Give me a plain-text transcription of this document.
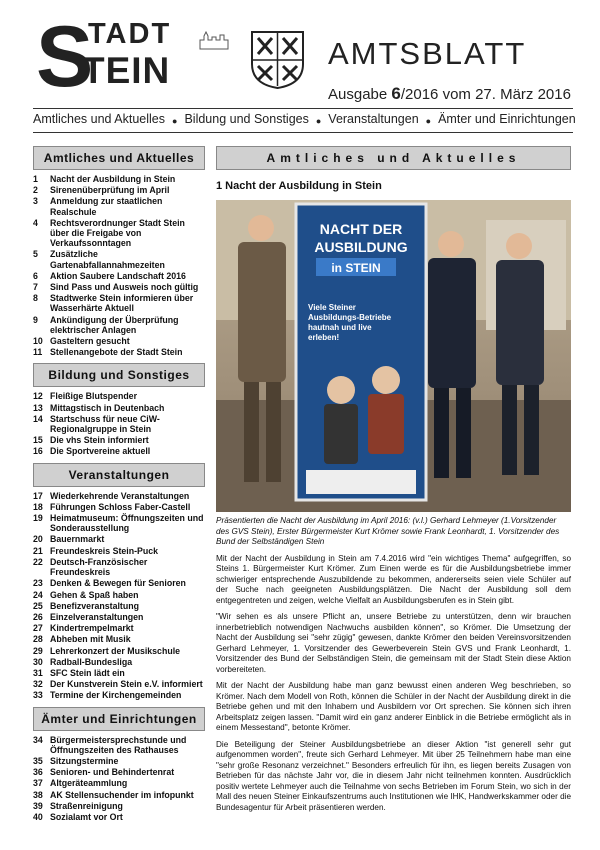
S
TADT
TEIN	AMTSBLATT
Ausgabe 6/2016 vom 27. März 2016
Amtliches und Aktuelles ● Bildung und Sonstiges ● Veranstaltungen ● Ämter und Einrichtungen
Amtliches und Aktuelles
1	Nacht der Ausbildung in Stein
2	Sirenenüberprüfung im April
3	Anmeldung zur staatlichen Realschule
4	Rechtsverordnunger Stadt Stein über die Freigabe von Verkaufssonntagen
5	Zusätzliche Gartenabfallannahmezeiten
6	Aktion Saubere Landschaft 2016
7	Sind Pass und Ausweis noch gültig
8	Stadtwerke Stein informieren über Wasserhärte Aktuell
9	Ankündigung der Überprüfung elektrischer Anlagen
10 Gasteltern gesucht
11 Stellenangebote der Stadt Stein
Bildung und Sonstiges
12 Fleißige Blutspender
13 Mittagstisch in Deutenbach
14 Startschuss für neue CiW-Regionalgruppe in Stein
15 Die vhs Stein informiert
16 Die Sportvereine aktuell
Veranstaltungen
17 Wiederkehrende Veranstaltungen
18 Führungen Schloss Faber-Castell
19 Heimatmuseum: Öffnungszeiten und Sonderausstellung
20 Bauernmarkt
21 Freundeskreis Stein-Puck
22 Deutsch-Französischer Freundeskreis
23 Denken & Bewegen für Senioren
24 Gehen & Spaß haben
25 Benefizveranstaltung
26 Einzelveranstaltungen
27 Kindertrempelmarkt
28 Abheben mit Musik
29 Lehrerkonzert der Musikschule
30 Radball-Bundesliga
31 SFC Stein lädt ein
32 Der Kunstverein Stein e.V. informiert
33 Termine der Kirchengemeinden
Ämter und Einrichtungen
34 Bürgermeistersprechstunde und Öffnungszeiten des Rathauses
35 Sitzungstermine
36 Senioren- und Behindertenrat
37 Altgeräteammlung
38 AK Stellensuchender im infopunkt
39 Straßenreinigung
40 Sozialamt vor Ort
Amtliches und Aktuelles
1 Nacht der Ausbildung in Stein
NACHT DER
AUSBILDUNG
in STEIN
Viele Steiner
Ausbildungs-Betriebe
hautnah und live
erleben!
Präsentierten die Nacht der Ausbildung im April 2016: (v.l.) Gerhard Lehmeyer (1.Vorsitzender des GVS Stein), Erster Bürgermeister Kurt Krömer sowie Frank Leonhardt, 1. Vorsitzender des Bund der Selbständigen Stein

Mit der Nacht der Ausbildung in Stein am 7.4.2016 wird "ein wichtiges Thema" aufgegriffen, so Steins 1. Bürgermeister Kurt Krömer. Zum Einen werde es für die Ausbildungsbetriebe immer schwieriger entsprechende Auszubildende zu bekommen, andererseits seien viele Schüler auf der Suche nach geeigneten Ausbildungsplätzen. Die Nacht der Ausbildung soll dem entgegentreten und zeigen, welche Vielfalt an Ausbildungsberufen es in Stein gibt.

"Wir sehen es als unsere Pflicht an, unsere Betriebe zu unterstützen, denn wir brauchen innerbetrieblich notwendigen Nachwuchs ausbilden können", so Krömer. Die Umsetzung der Nacht der Ausbildung sei "sehr zügig" gewesen, dankte Krömer den beiden Vereinsvorsitzenden Gerhard Lehmeyer, 1. Vorsitzender des Gewerbeverein Stein GVS und Frank Leonhardt, 1. Vorsitzender des Bund der Selbständigen Stein, die gemeinsam mit der Stadt Stein diese Aktion vorbereiteten.

Mit der Nacht der Ausbildung habe man ganz bewusst einen anderen Weg beschrieben, so Krömer. Nach dem Modell von Roth, können die Schüler in der Nacht der Ausbildung direkt in die Betriebe gehen und mit den Inhabern und Ausbildern vor Ort sprechen. Sie können sich ihren Arbeitsplatz zeigen lassen. "Damit wird ein ganz anderer Einblick in die Betriebe ermöglicht als in einem Messestand", betonte Krömer.

Die Beteiligung der Steiner Ausbildungsbetriebe an dieser Aktion "ist generell sehr gut aufgenommen worden", freute sich Gerhard Lehmeyer. Mit über 25 Teilnehmern habe man eine "sehr große Resonanz verzeichnet." Besonders erfreulich für ihn, es liegen bereits Zusagen von Betrieben für das nächste Jahr vor, die in diesem Jahr nicht teilnehmen konnten. Ausdrücklich positiv wertete Lehmeyer auch die Teilnahme von sechs Betrieben im Forum Stein, wo sich in der Mall des neuen Steiner Einkaufszentrums auch Institutionen wie IHK, Handwerkskammer oder die Bundesagentur für Arbeit präsentieren werden.
